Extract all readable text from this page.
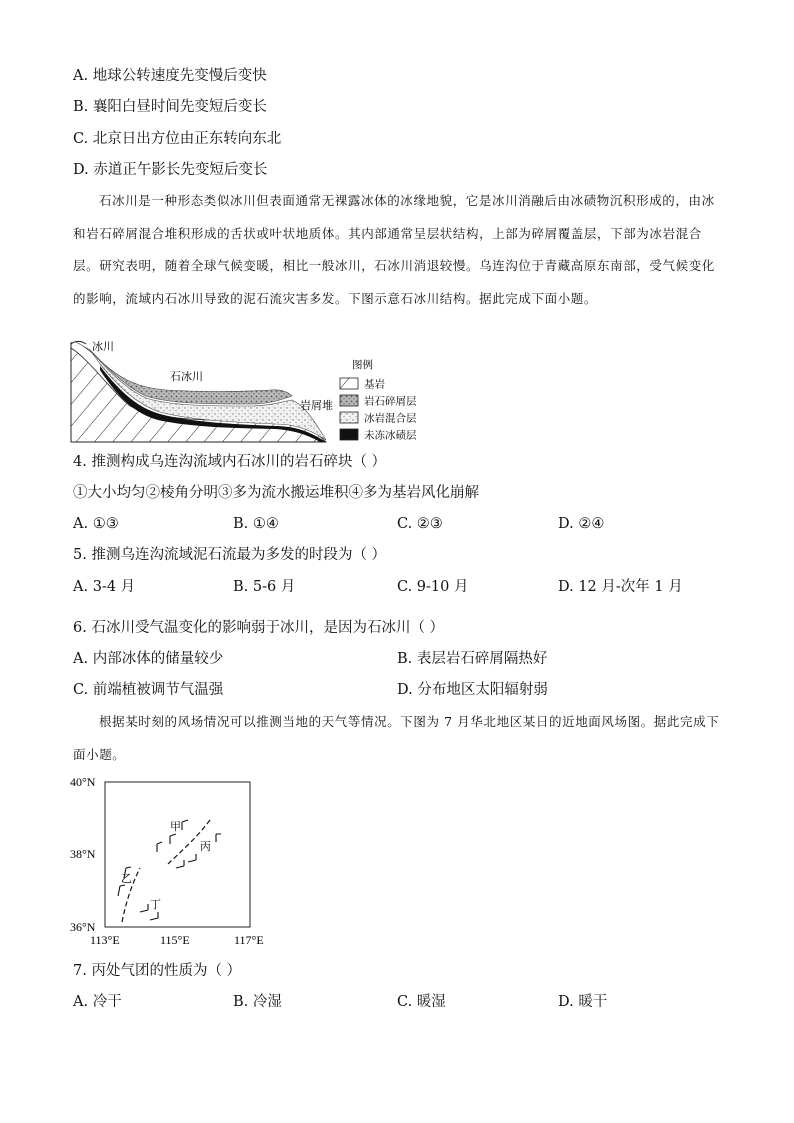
A. 地球公转速度先变慢后变快
B. 襄阳白昼时间先变短后变长
C. 北京日出方位由正东转向东北
D. 赤道正午影长先变短后变长
石冰川是一种形态类似冰川但表面通常无裸露冰体的冰缘地貌，它是冰川消融后由冰碛物沉积形成的，由冰和岩石碎屑混合堆积形成的舌状或叶状地质体。其内部通常呈层状结构，上部为碎屑覆盖层，下部为冰岩混合层。研究表明，随着全球气候变暖，相比一般冰川，石冰川消退较慢。乌连沟位于青藏高原东南部，受气候变化的影响，流域内石冰川导致的泥石流灾害多发。下图示意石冰川结构。据此完成下面小题。
冰川
石冰川
岩屑堆
图例
基岩
岩石碎屑层
冰岩混合层
未冻冰碛层
4. 推测构成乌连沟流域内石冰川的岩石碎块（ ）
①大小均匀②棱角分明③多为流水搬运堆积④多为基岩风化崩解
A. ①③	B. ①④	C. ②③	D. ②④
5. 推测乌连沟流域泥石流最为多发的时段为（ ）
A. 3-4 月	B. 5-6 月	C. 9-10 月	D. 12 月-次年 1 月
6. 石冰川受气温变化的影响弱于冰川，是因为石冰川（ ）
A. 内部冰体的储量较少	B. 表层岩石碎屑隔热好
C. 前端植被调节气温强	D. 分布地区太阳辐射弱
根据某时刻的风场情况可以推测当地的天气等情况。下图为 7 月华北地区某日的近地面风场图。据此完成下面小题。
40°N
38°N
36°N
113°E	115°E	117°E
甲
乙
丙
丁
7. 丙处气团的性质为（ ）
A. 冷干	B. 冷湿	C. 暖湿	D. 暖干
